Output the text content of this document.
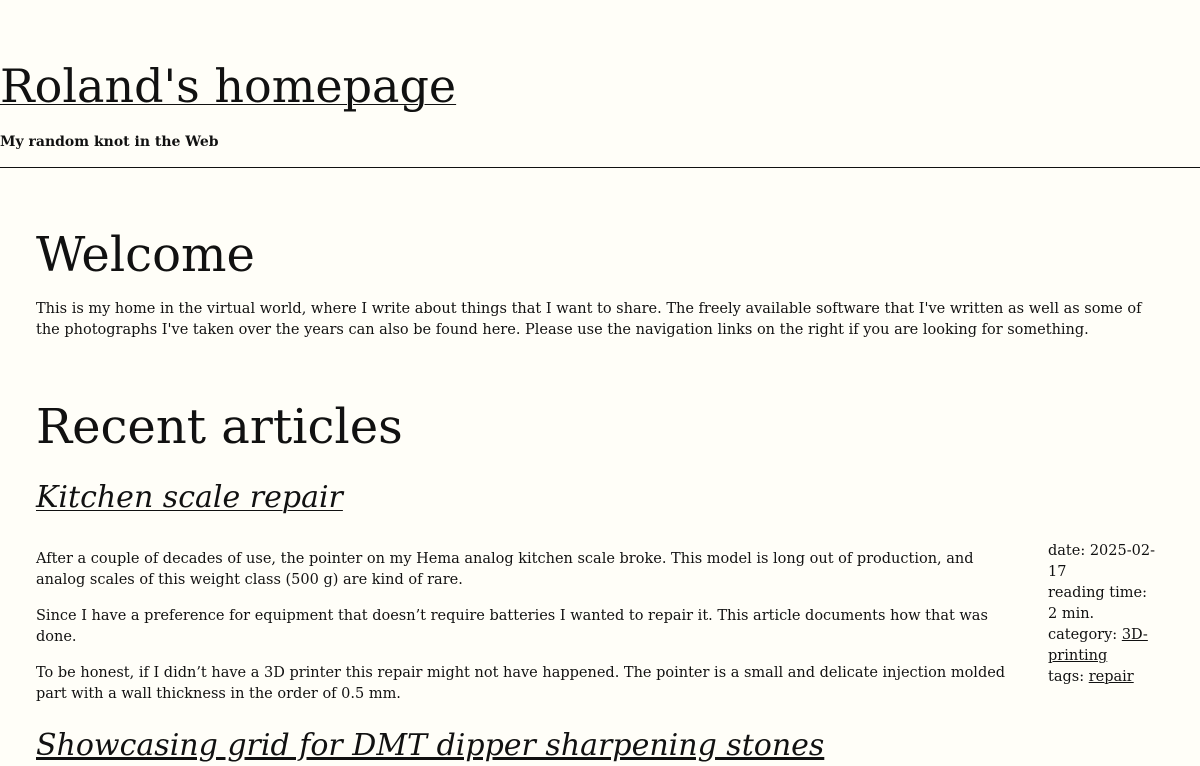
Roland's homepage

My random knot in the Web

Welcome

This is my home in the virtual world, where I write about things that I want to share. The freely available software that I've written as well as some of the photographs I've taken over the years can also be found here. Please use the navigation links on the right if you are looking for something.

Recent articles
Kitchen scale repair

After a couple of decades of use, the pointer on my Hema analog kitchen scale broke. This model is long out of production, and analog scales of this weight class (500 g) are kind of rare.

Since I have a preference for equipment that doesn’t require batteries I wanted to repair it. This article documents how that was done.

To be honest, if I didn’t have a 3D printer this repair might not have happened. The pointer is a small and delicate injection molded part with a wall thickness in the order of 0.5 mm.

date: 2025-02-17
reading time: 2 min.
category: 3D-printing
tags: repair
Showcasing grid for DMT dipper sharpening stones
